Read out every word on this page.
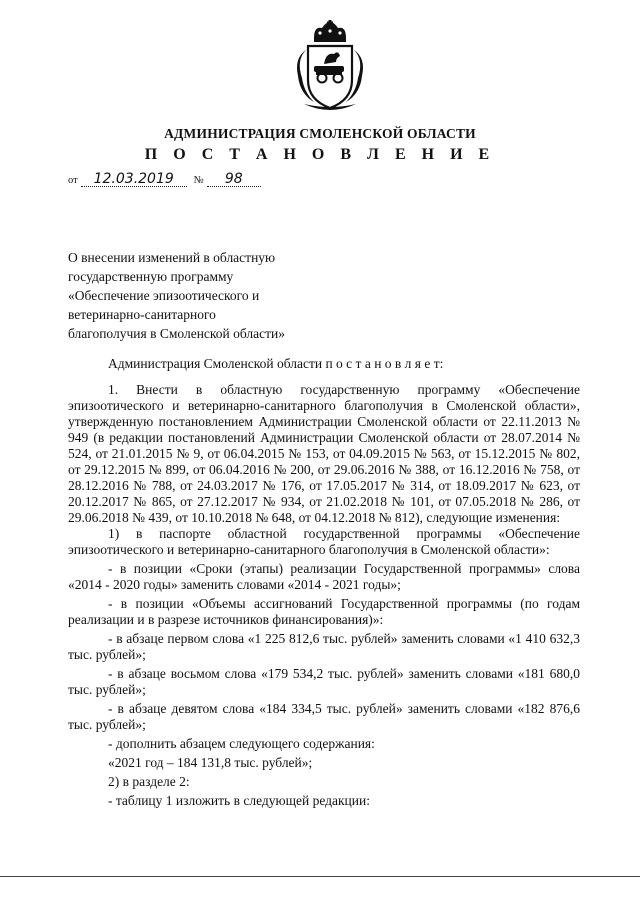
АДМИНИСТРАЦИЯ СМОЛЕНСКОЙ ОБЛАСТИ
П О С Т А Н О В Л Е Н И Е
от 12.03.2019 № 98
О внесении изменений в областную
государственную программу
«Обеспечение эпизоотического и
ветеринарно-санитарного
благополучия в Смоленской области»

Администрация Смоленской области п о с т а н о в л я е т:

1. Внести в областную государственную программу «Обеспечение эпизоотического и ветеринарно-санитарного благополучия в Смоленской области», утвержденную постановлением Администрации Смоленской области от 22.11.2013 № 949 (в редакции постановлений Администрации Смоленской области от 28.07.2014 № 524, от 21.01.2015 № 9, от 06.04.2015 № 153, от 04.09.2015 № 563, от 15.12.2015 № 802, от 29.12.2015 № 899, от 06.04.2016 № 200, от 29.06.2016 № 388, от 16.12.2016 № 758, от 28.12.2016 № 788, от 24.03.2017 № 176, от 17.05.2017 № 314, от 18.09.2017 № 623, от 20.12.2017 № 865, от 27.12.2017 № 934, от 21.02.2018 № 101, от 07.05.2018 № 286, от 29.06.2018 № 439, от 10.10.2018 № 648, от 04.12.2018 № 812), следующие изменения:

1) в паспорте областной государственной программы «Обеспечение эпизоотического и ветеринарно-санитарного благополучия в Смоленской области»:

- в позиции «Сроки (этапы) реализации Государственной программы» слова «2014 - 2020 годы» заменить словами «2014 - 2021 годы»;

- в позиции «Объемы ассигнований Государственной программы (по годам реализации и в разрезе источников финансирования)»:

- в абзаце первом слова «1 225 812,6 тыс. рублей» заменить словами «1 410 632,3 тыс. рублей»;

- в абзаце восьмом слова «179 534,2 тыс. рублей» заменить словами «181 680,0 тыс. рублей»;

- в абзаце девятом слова «184 334,5 тыс. рублей» заменить словами «182 876,6 тыс. рублей»;

- дополнить абзацем следующего содержания:

«2021 год – 184 131,8 тыс. рублей»;

2) в разделе 2:

- таблицу 1 изложить в следующей редакции:
